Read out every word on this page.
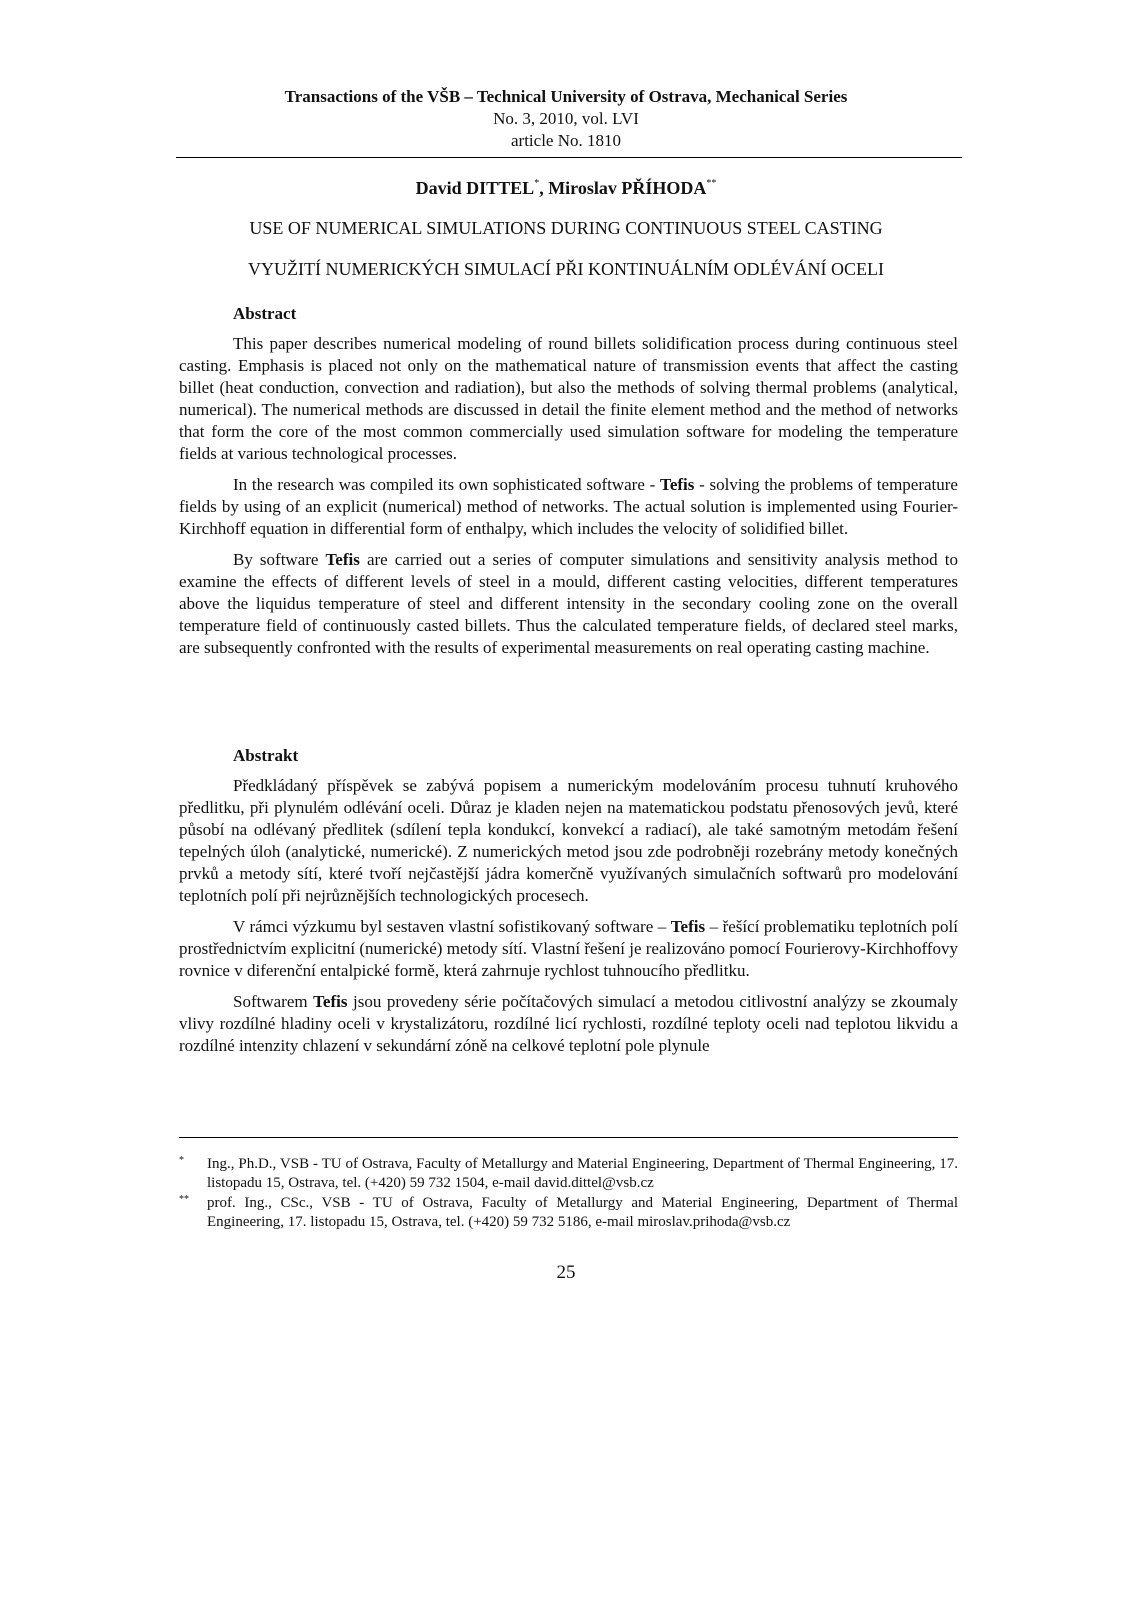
Transactions of the VŠB – Technical University of Ostrava, Mechanical Series
No. 3, 2010, vol. LVI
article No. 1810
David DITTEL*, Miroslav PŘÍHODA**
USE OF NUMERICAL SIMULATIONS DURING CONTINUOUS STEEL CASTING
VYUŽITÍ NUMERICKÝCH SIMULACÍ PŘI KONTINUÁLNÍM ODLÉVÁNÍ OCELI
Abstract

This paper describes numerical modeling of round billets solidification process during continuous steel casting. Emphasis is placed not only on the mathematical nature of transmission events that affect the casting billet (heat conduction, convection and radiation), but also the methods of solving thermal problems (analytical, numerical). The numerical methods are discussed in detail the finite element method and the method of networks that form the core of the most common commercially used simulation software for modeling the temperature fields at various technological processes.

In the research was compiled its own sophisticated software - Tefis - solving the problems of temperature fields by using of an explicit (numerical) method of networks. The actual solution is implemented using Fourier-Kirchhoff equation in differential form of enthalpy, which includes the velocity of solidified billet.

By software Tefis are carried out a series of computer simulations and sensitivity analysis method to examine the effects of different levels of steel in a mould, different casting velocities, different temperatures above the liquidus temperature of steel and different intensity in the secondary cooling zone on the overall temperature field of continuously casted billets. Thus the calculated temperature fields, of declared steel marks, are subsequently confronted with the results of experimental measurements on real operating casting machine.

Abstrakt

Předkládaný příspěvek se zabývá popisem a numerickým modelováním procesu tuhnutí kruhového předlitku, při plynulém odlévání oceli. Důraz je kladen nejen na matematickou podstatu přenosových jevů, které působí na odlévaný předlitek (sdílení tepla kondukcí, konvekcí a radiací), ale také samotným metodám řešení tepelných úloh (analytické, numerické). Z numerických metod jsou zde podrobněji rozebrány metody konečných prvků a metody sítí, které tvoří nejčastější jádra komerčně využívaných simulačních softwarů pro modelování teplotních polí při nejrůznějších technologických procesech.

V rámci výzkumu byl sestaven vlastní sofistikovaný software – Tefis – řešící problematiku teplotních polí prostřednictvím explicitní (numerické) metody sítí. Vlastní řešení je realizováno pomocí Fourierovy-Kirchhoffovy rovnice v diferenční entalpické formě, která zahrnuje rychlost tuhnoucího předlitku.

Softwarem Tefis jsou provedeny série počítačových simulací a metodou citlivostní analýzy se zkoumaly vlivy rozdílné hladiny oceli v krystalizátoru, rozdílné licí rychlosti, rozdílné teploty oceli nad teplotou likvidu a rozdílné intenzity chlazení v sekundární zóně na celkové teplotní pole plynule

* Ing., Ph.D., VSB - TU of Ostrava, Faculty of Metallurgy and Material Engineering, Department of Thermal Engineering, 17. listopadu 15, Ostrava, tel. (+420) 59 732 1504, e-mail david.dittel@vsb.cz
** prof. Ing., CSc., VSB - TU of Ostrava, Faculty of Metallurgy and Material Engineering, Department of Thermal Engineering, 17. listopadu 15, Ostrava, tel. (+420) 59 732 5186, e-mail miroslav.prihoda@vsb.cz
25
